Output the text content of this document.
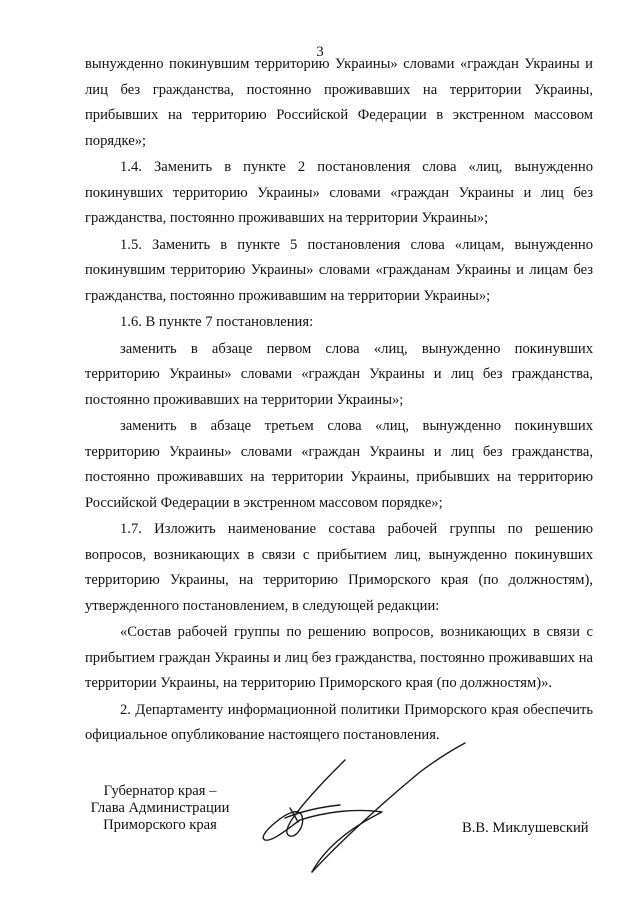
3

вынужденно покинувшим территорию Украины» словами «граждан Украины и лиц без гражданства, постоянно проживавших на территории Украины, прибывших на территорию Российской Федерации в экстренном массовом порядке»;

1.4. Заменить в пункте 2 постановления слова «лиц, вынужденно покинувших территорию Украины» словами «граждан Украины и лиц без гражданства, постоянно проживавших на территории Украины»;

1.5. Заменить в пункте 5 постановления слова «лицам, вынужденно покинувшим территорию Украины» словами «гражданам Украины и лицам без гражданства, постоянно проживавшим на территории Украины»;

1.6. В пункте 7 постановления:

заменить в абзаце первом слова «лиц, вынужденно покинувших территорию Украины» словами «граждан Украины и лиц без гражданства, постоянно проживавших на территории Украины»;

заменить в абзаце третьем слова «лиц, вынужденно покинувших территорию Украины» словами «граждан Украины и лиц без гражданства, постоянно проживавших на территории Украины, прибывших на территорию Российской Федерации в экстренном массовом порядке»;

1.7. Изложить наименование состава рабочей группы по решению вопросов, возникающих в связи с прибытием лиц, вынужденно покинувших территорию Украины, на территорию Приморского края (по должностям), утвержденного постановлением, в следующей редакции:

«Состав рабочей группы по решению вопросов, возникающих в связи с прибытием граждан Украины и лиц без гражданства, постоянно проживавших на территории Украины, на территорию Приморского края (по должностям)».

2. Департаменту информационной политики Приморского края обеспечить официальное опубликование настоящего постановления.

Губернатор края –
Глава Администрации
Приморского края	В.В. Миклушевский
